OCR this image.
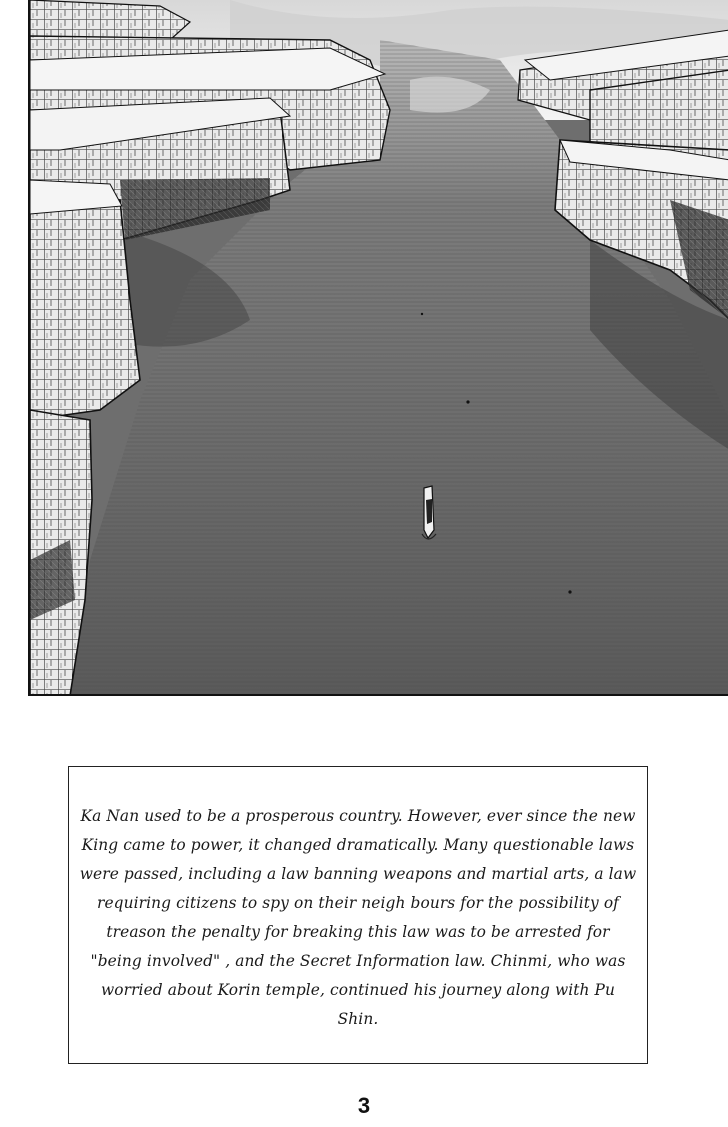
Ka Nan used to be a prosperous country. However, ever since the new King came to power, it changed dramatically. Many questionable laws were passed, including a law banning weapons and martial arts, a law requiring citizens to spy on their neigh bours for the possibility of treason the penalty for breaking this law was to be arrested for "being involved" , and the Secret Information law. Chinmi, who was worried about Korin temple, continued his journey along with Pu Shin.

3
